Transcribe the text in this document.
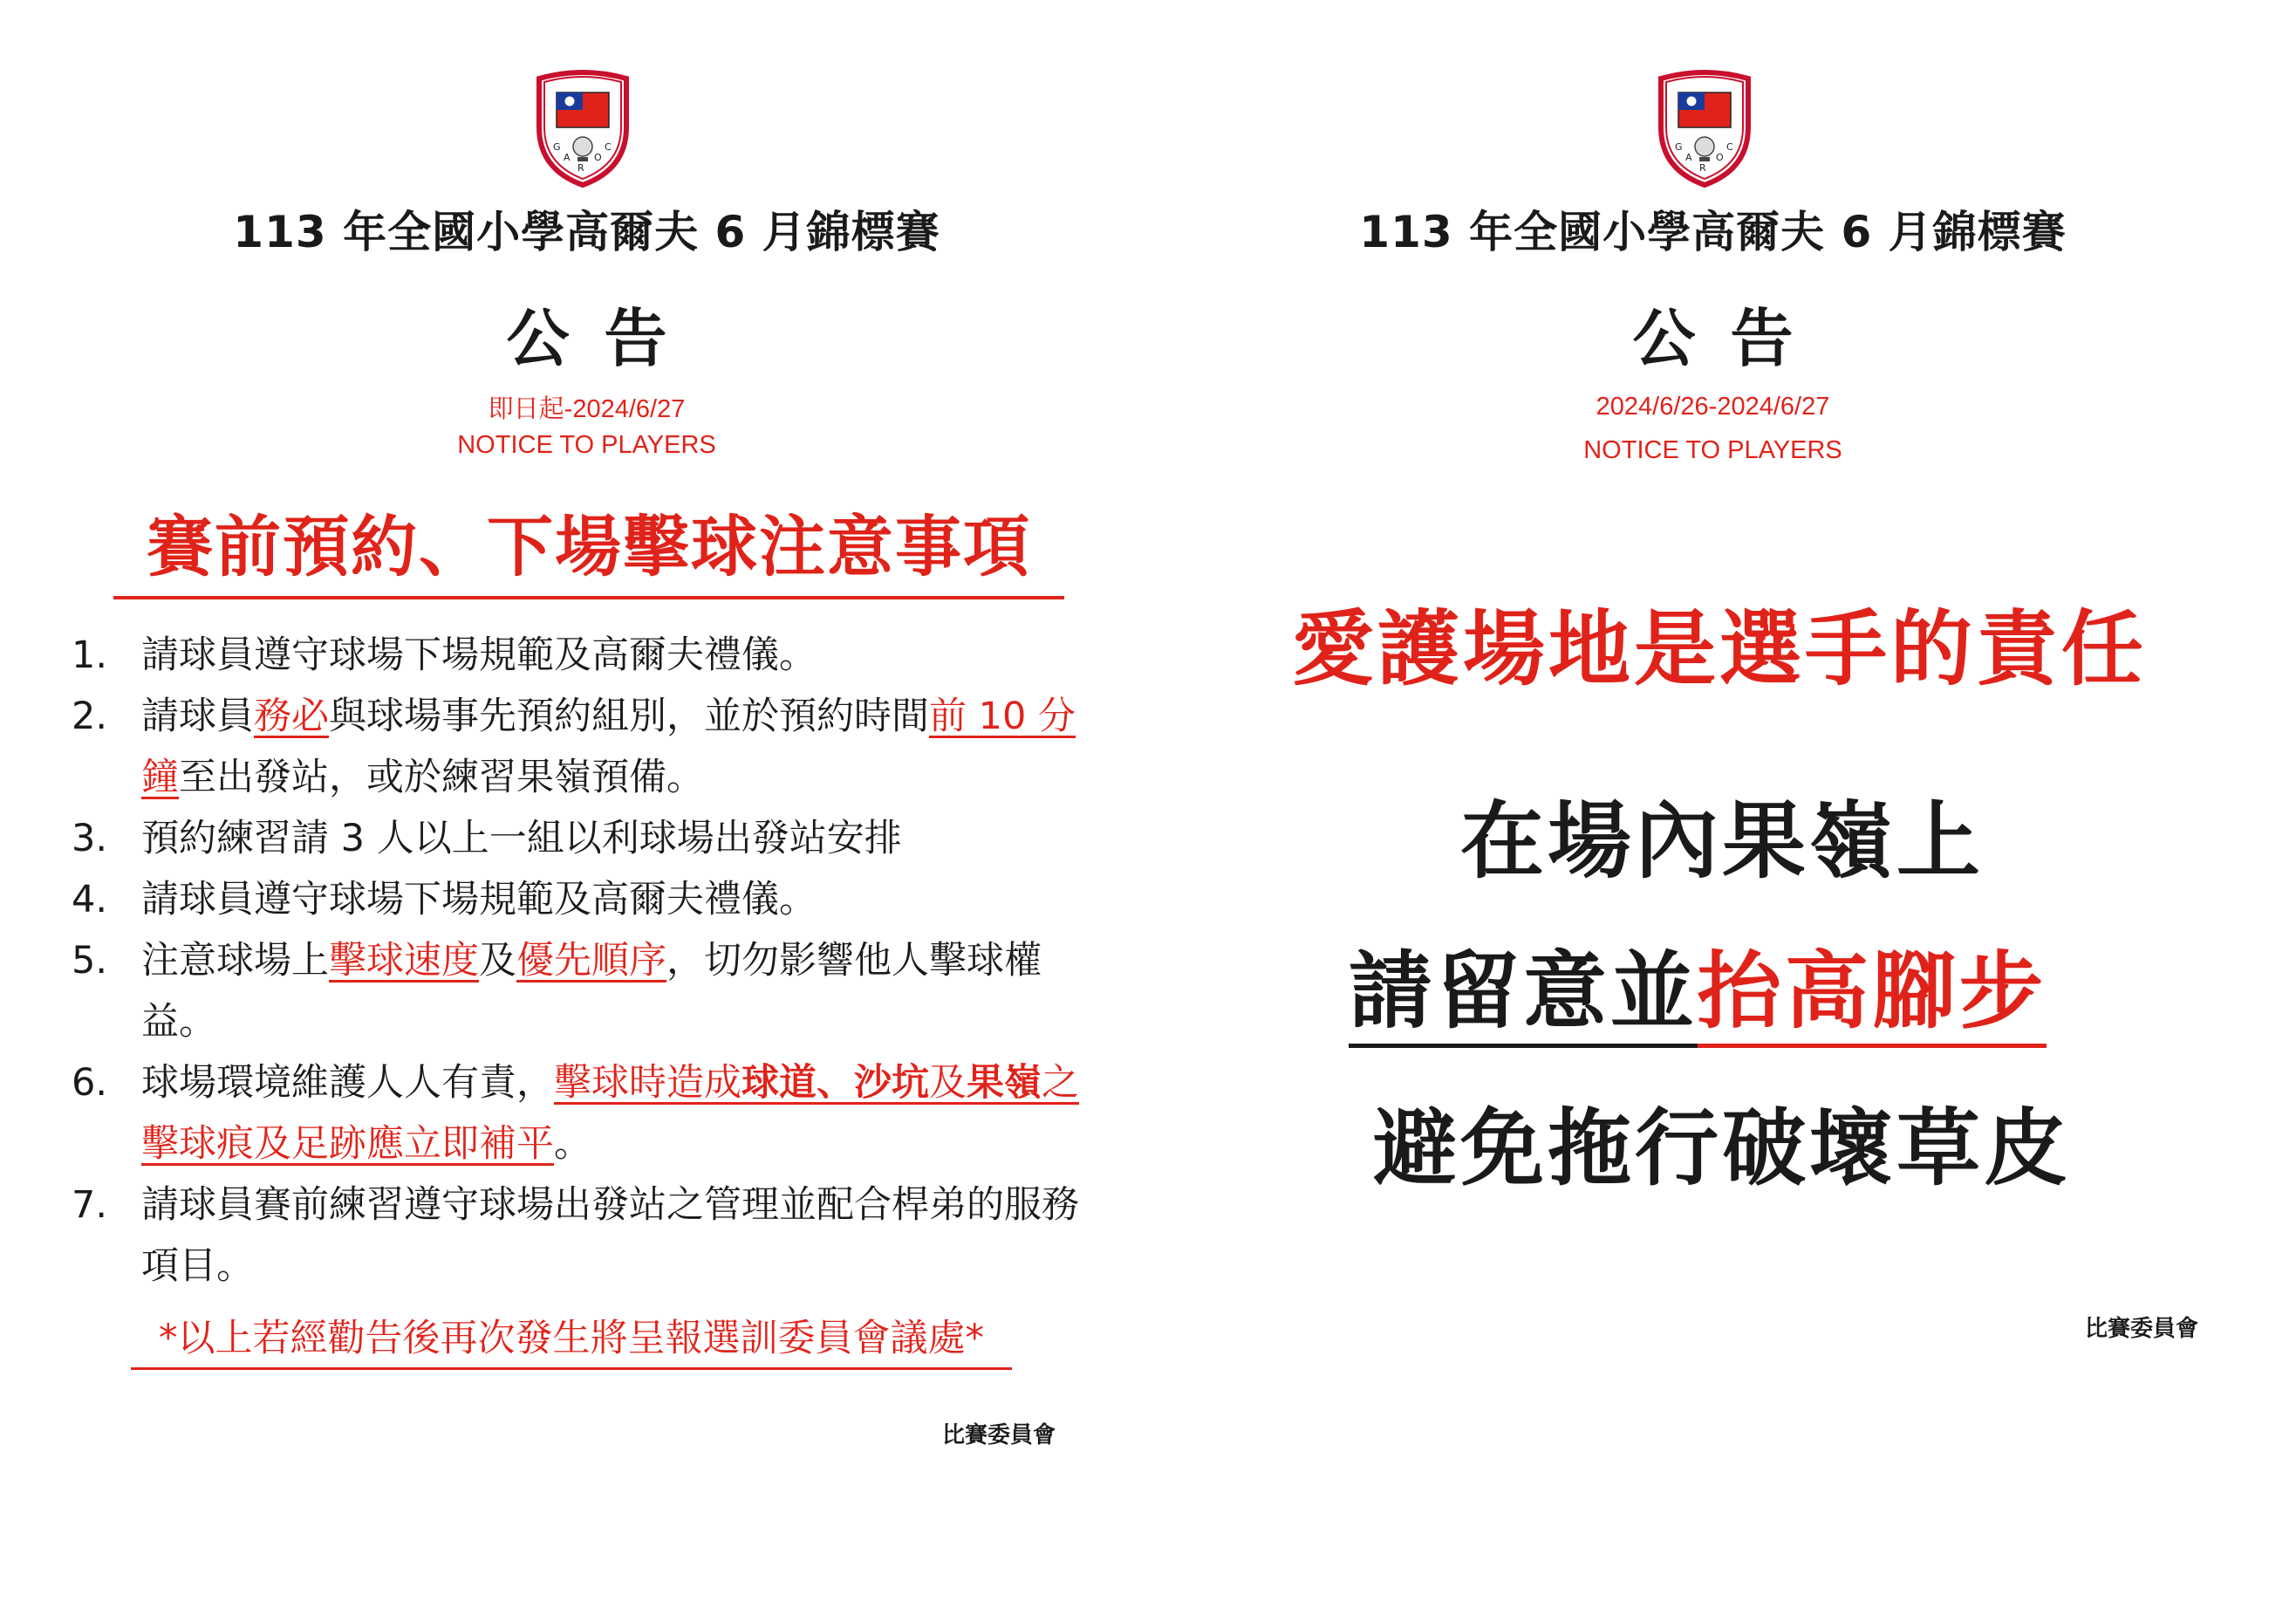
G
A O
C
R
113 年全國小學高爾夫 6 月錦標賽
公告
即日起-2024/6/27
NOTICE TO PLAYERS
賽前預約、下場擊球注意事項
1. 請球員遵守球場下場規範及高爾夫禮儀。
2. 請球員務必與球場事先預約組別，並於預約時間前 10 分鐘至出發站，或於練習果嶺預備。
3. 預約練習請 3 人以上一組以利球場出發站安排
4. 請球員遵守球場下場規範及高爾夫禮儀。
5. 注意球場上擊球速度及優先順序，切勿影響他人擊球權益。
6. 球場環境維護人人有責，擊球時造成球道、沙坑及果嶺之擊球痕及足跡應立即補平。
7. 請球員賽前練習遵守球場出發站之管理並配合桿弟的服務項目。
*以上若經勸告後再次發生將呈報選訓委員會議處*
比賽委員會
G
A O
C
R
113 年全國小學高爾夫 6 月錦標賽
公告
2024/6/26-2024/6/27
NOTICE TO PLAYERS
愛護場地是選手的責任
在場內果嶺上
請留意並抬高腳步
避免拖行破壞草皮
比賽委員會
